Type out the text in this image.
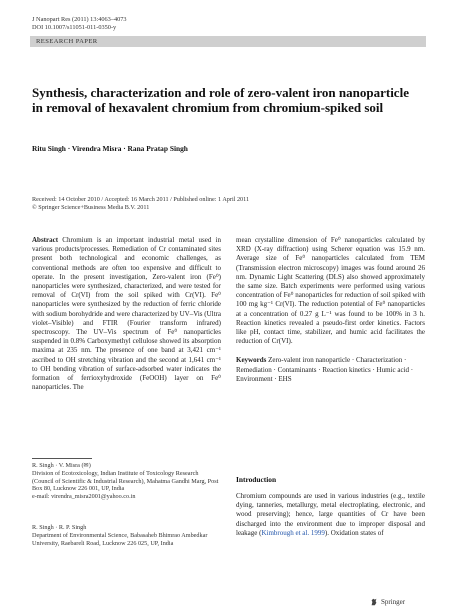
J Nanopart Res (2011) 13:4063–4073
DOI 10.1007/s11051-011-0350-y
RESEARCH PAPER
Synthesis, characterization and role of zero-valent iron nanoparticle in removal of hexavalent chromium from chromium-spiked soil
Ritu Singh · Virendra Misra · Rana Pratap Singh
Received: 14 October 2010 / Accepted: 16 March 2011 / Published online: 1 April 2011
© Springer Science+Business Media B.V. 2011
Abstract Chromium is an important industrial metal used in various products/processes. Remediation of Cr contaminated sites present both technological and economic challenges, as conventional methods are often too expensive and difficult to operate. In the present investigation, Zero-valent iron (Fe⁰) nanoparticles were synthesized, characterized, and were tested for removal of Cr(VI) from the soil spiked with Cr(VI). Fe⁰ nanoparticles were synthesized by the reduction of ferric chloride with sodium borohydride and were characterized by UV–Vis (Ultra violet–Visible) and FTIR (Fourier transform infrared) spectroscopy. The UV–Vis spectrum of Fe⁰ nanoparticles suspended in 0.8% Carboxymethyl cellulose showed its absorption maxima at 235 nm. The presence of one band at 3,421 cm⁻¹ ascribed to OH stretching vibration and the second at 1,641 cm⁻¹ to OH bending vibration of surface-adsorbed water indicates the formation of ferrioxyhydroxide (FeOOH) layer on Fe⁰ nanoparticles. The
mean crystalline dimension of Fe⁰ nanoparticles calculated by XRD (X-ray diffraction) using Scherer equation was 15.9 nm. Average size of Fe⁰ nanoparticles calculated from TEM (Transmission electron microscopy) images was found around 26 nm. Dynamic Light Scattering (DLS) also showed approximately the same size. Batch experiments were performed using various concentration of Fe⁰ nanoparticles for reduction of soil spiked with 100 mg kg⁻¹ Cr(VI). The reduction potential of Fe⁰ nanoparticles at a concentration of 0.27 g L⁻¹ was found to be 100% in 3 h. Reaction kinetics revealed a pseudo-first order kinetics. Factors like pH, contact time, stabilizer, and humic acid facilitates the reduction of Cr(VI).
Keywords Zero-valent iron nanoparticle · Characterization · Remediation · Contaminants · Reaction kinetics · Humic acid · Environment · EHS
R. Singh · V. Misra (✉)
Division of Ecotoxicology, Indian Institute of Toxicology Research (Council of Scientific & Industrial Research), Mahatma Gandhi Marg, Post Box 80, Lucknow 226 001, UP, India
e-mail: virendra_misra2001@yahoo.co.in
R. Singh · R. P. Singh
Department of Environmental Science, Babasaheb Bhimrao Ambedkar University, Raebareli Road, Lucknow 226 025, UP, India
Introduction
Chromium compounds are used in various industries (e.g., textile dying, tanneries, metallurgy, metal electroplating, electronic, and wood preserving); hence, large quantities of Cr have been discharged into the environment due to improper disposal and leakage (Kimbrough et al. 1999). Oxidation states of
Springer
